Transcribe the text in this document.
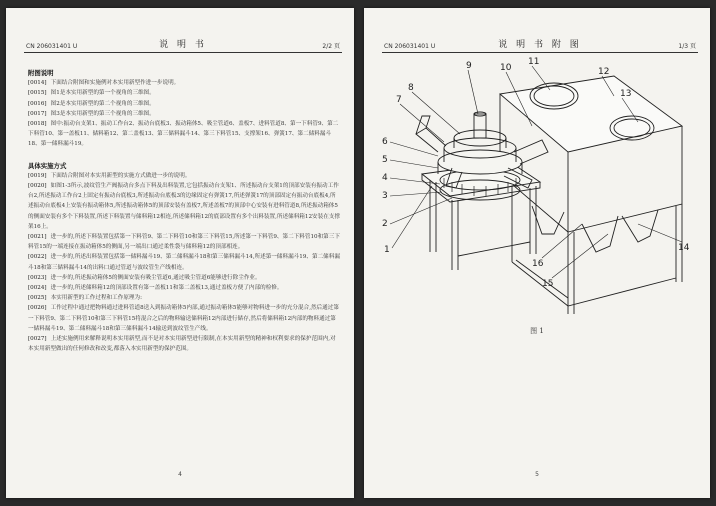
CN 206031401 U	说 明 书	2/2 页

附图说明

[0014] 下面结合附图和实施例对本实用新型作进一步说明。

[0015] 图1是本实用新型的第一个视角的三维图。

[0016] 图2是本实用新型的第二个视角的三维图。

[0017] 图3是本实用新型的第三个视角的三维图。

[0018] 图中:振动台支架1、振动工作台2、振动台底板3、振动箱体5、吸尘管道6、盖板7、进料管道8、第一下料管9、第二下料管10、第一盖板11、储料箱12、第二盖板13、第三储料漏斗14、第三下料管15、支撑架16、弹簧17、第二储料漏斗18、第一储料漏斗19。

具体实施方式

[0019] 下面结合附图对本实用新型的实施方式做进一步的说明。

[0020] 如图1-3所示,波纹管生产阀振动台多点下料及出料装置,它包括振动台支架1、所述振动台支架1的顶部安装有振动工作台2,所述振动工作台2上固定有振动台底板3,所述振动台底板3的边缘固定有弹簧17,所述弹簧17的顶部固定有振动台底板4,所述振动台底板4上安装有振动箱体5,所述振动箱体5的顶部安装有盖板7,所述盖板7的顶部中心安装有进料管道8,所述振动箱体5的侧面安装有多个下料装置,所述下料装置与储料箱12相连,所述储料箱12的底部设置有多个出料装置,所述储料箱12安装在支撑架16上。

[0021] 进一步的,所述下料装置包括第一下料管9、第二下料管10和第三下料管15,所述第一下料管9、第二下料管10和第三下料管15的一端连接在振动箱体5的侧面,另一端出口通过柔性袋与储料箱12的顶部相连。

[0022] 进一步的,所述出料装置包括第一储料漏斗19、第二储料漏斗18和第三储料漏斗14,所述第一储料漏斗19、第二储料漏斗18和第三储料漏斗14的出料口通过管道与波纹管生产线相连。

[0023] 进一步的,所述振动箱体5的侧面安装有吸尘管道6,通过吸尘管道6能够进行除尘作业。

[0024] 进一步的,所述储料箱12的顶部设置有第一盖板11和第二盖板13,通过盖板方便了内部的检修。

[0025] 本实用新型的工作过程和工作原理为:

[0026] 工作过程中通过把物料通过进料管道8送入到振动箱体5内部,通过振动箱体5能够对物料进一步的充分混合,然后通过第一下料管9、第二下料管10和第三下料管15将混合之后的物料输送储料箱12内部进行储存,然后将储料箱12内部的物料通过第一储料漏斗19、第二储料漏斗18和第三储料漏斗14输送到波纹管生产线。

[0027] 上述实施例用来解释说明本实用新型,而不是对本实用新型进行限制,在本实用新型的精神和权利要求的保护范围内,对本实用新型做出的任何修改和改变,都落入本实用新型的保护范围。

4
CN 206031401 U	说 明 书 附 图	1/3 页
9	10
11
12
13
8
7
6
5
4
3
2
1
16
15
14
图 1
5
